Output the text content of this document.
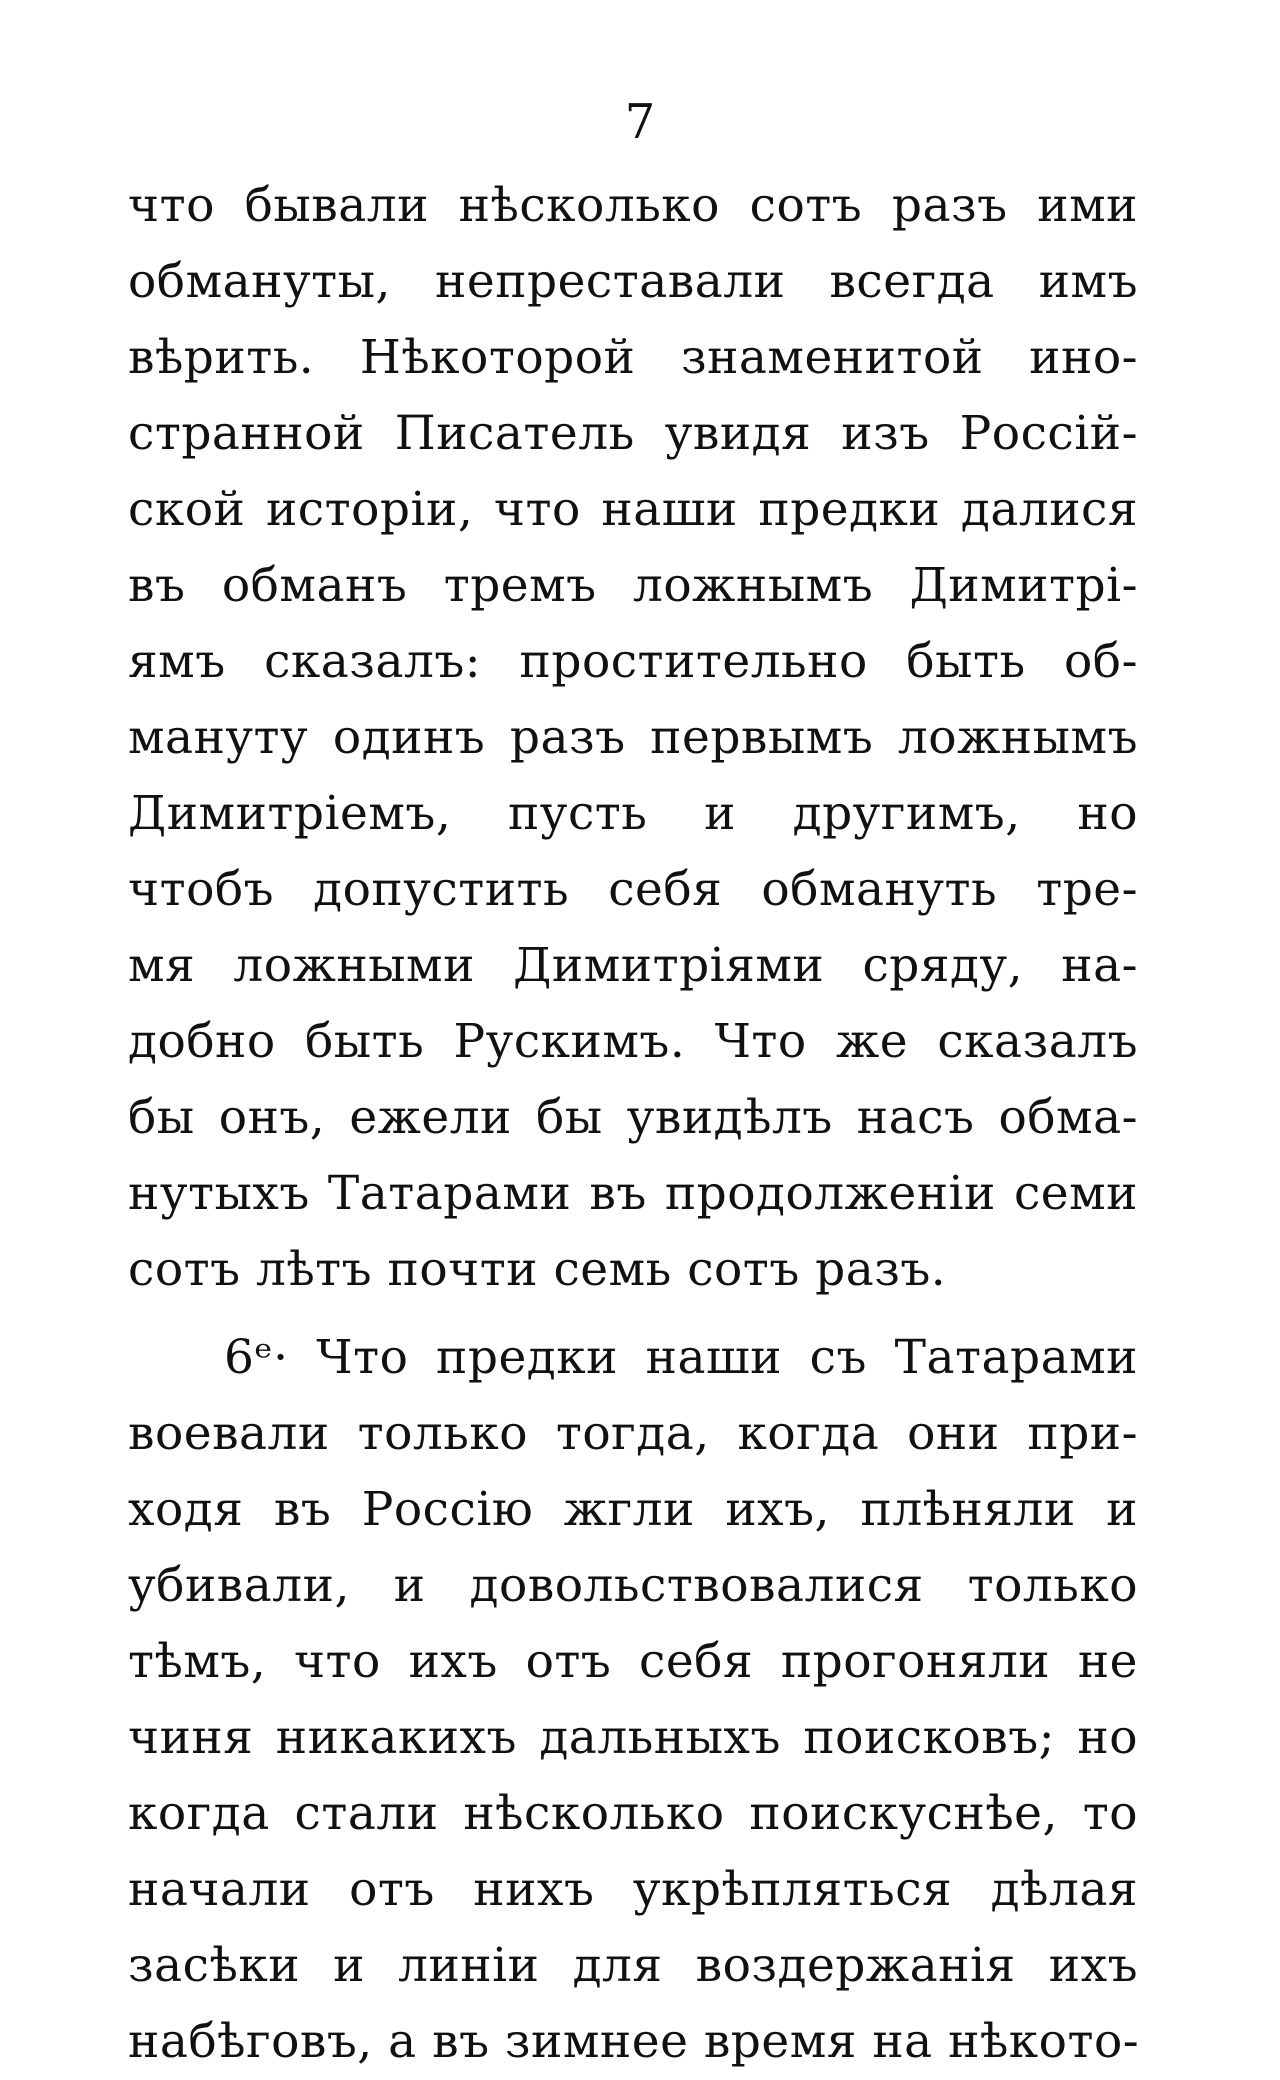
7
что бывали нѣсколько сотъ разъ ими
обмануты, непреставали всегда имъ
вѣрить. Нѣкоторой знаменитой ино-
странной Писатель увидя изъ Россій-
ской исторіи, что наши предки далися
въ обманъ тремъ ложнымъ Димитрі-
ямъ сказалъ: простительно быть об-
мануту одинъ разъ первымъ ложнымъ
Димитріемъ, пусть и другимъ, но
чтобъ допустить себя обмануть тре-
мя ложными Димитріями сряду, на-
добно быть Рускимъ. Что же сказалъ
бы онъ, ежели бы увидѣлъ насъ обма-
нутыхъ Татарами въ продолженіи семи
сотъ лѣтъ почти семь сотъ разъ.
6ᵉ· Что предки наши съ Татарами
воевали только тогда, когда они при-
ходя въ Россію жгли ихъ, плѣняли и
убивали, и довольствовалися только
тѣмъ, что ихъ отъ себя прогоняли не
чиня никакихъ дальныхъ поисковъ; но
когда стали нѣсколько поискуснѣе, то
начали отъ нихъ укрѣпляться дѣлая
засѣки и линіи для воздержанія ихъ
набѣговъ, а въ зимнее время на нѣкото-
